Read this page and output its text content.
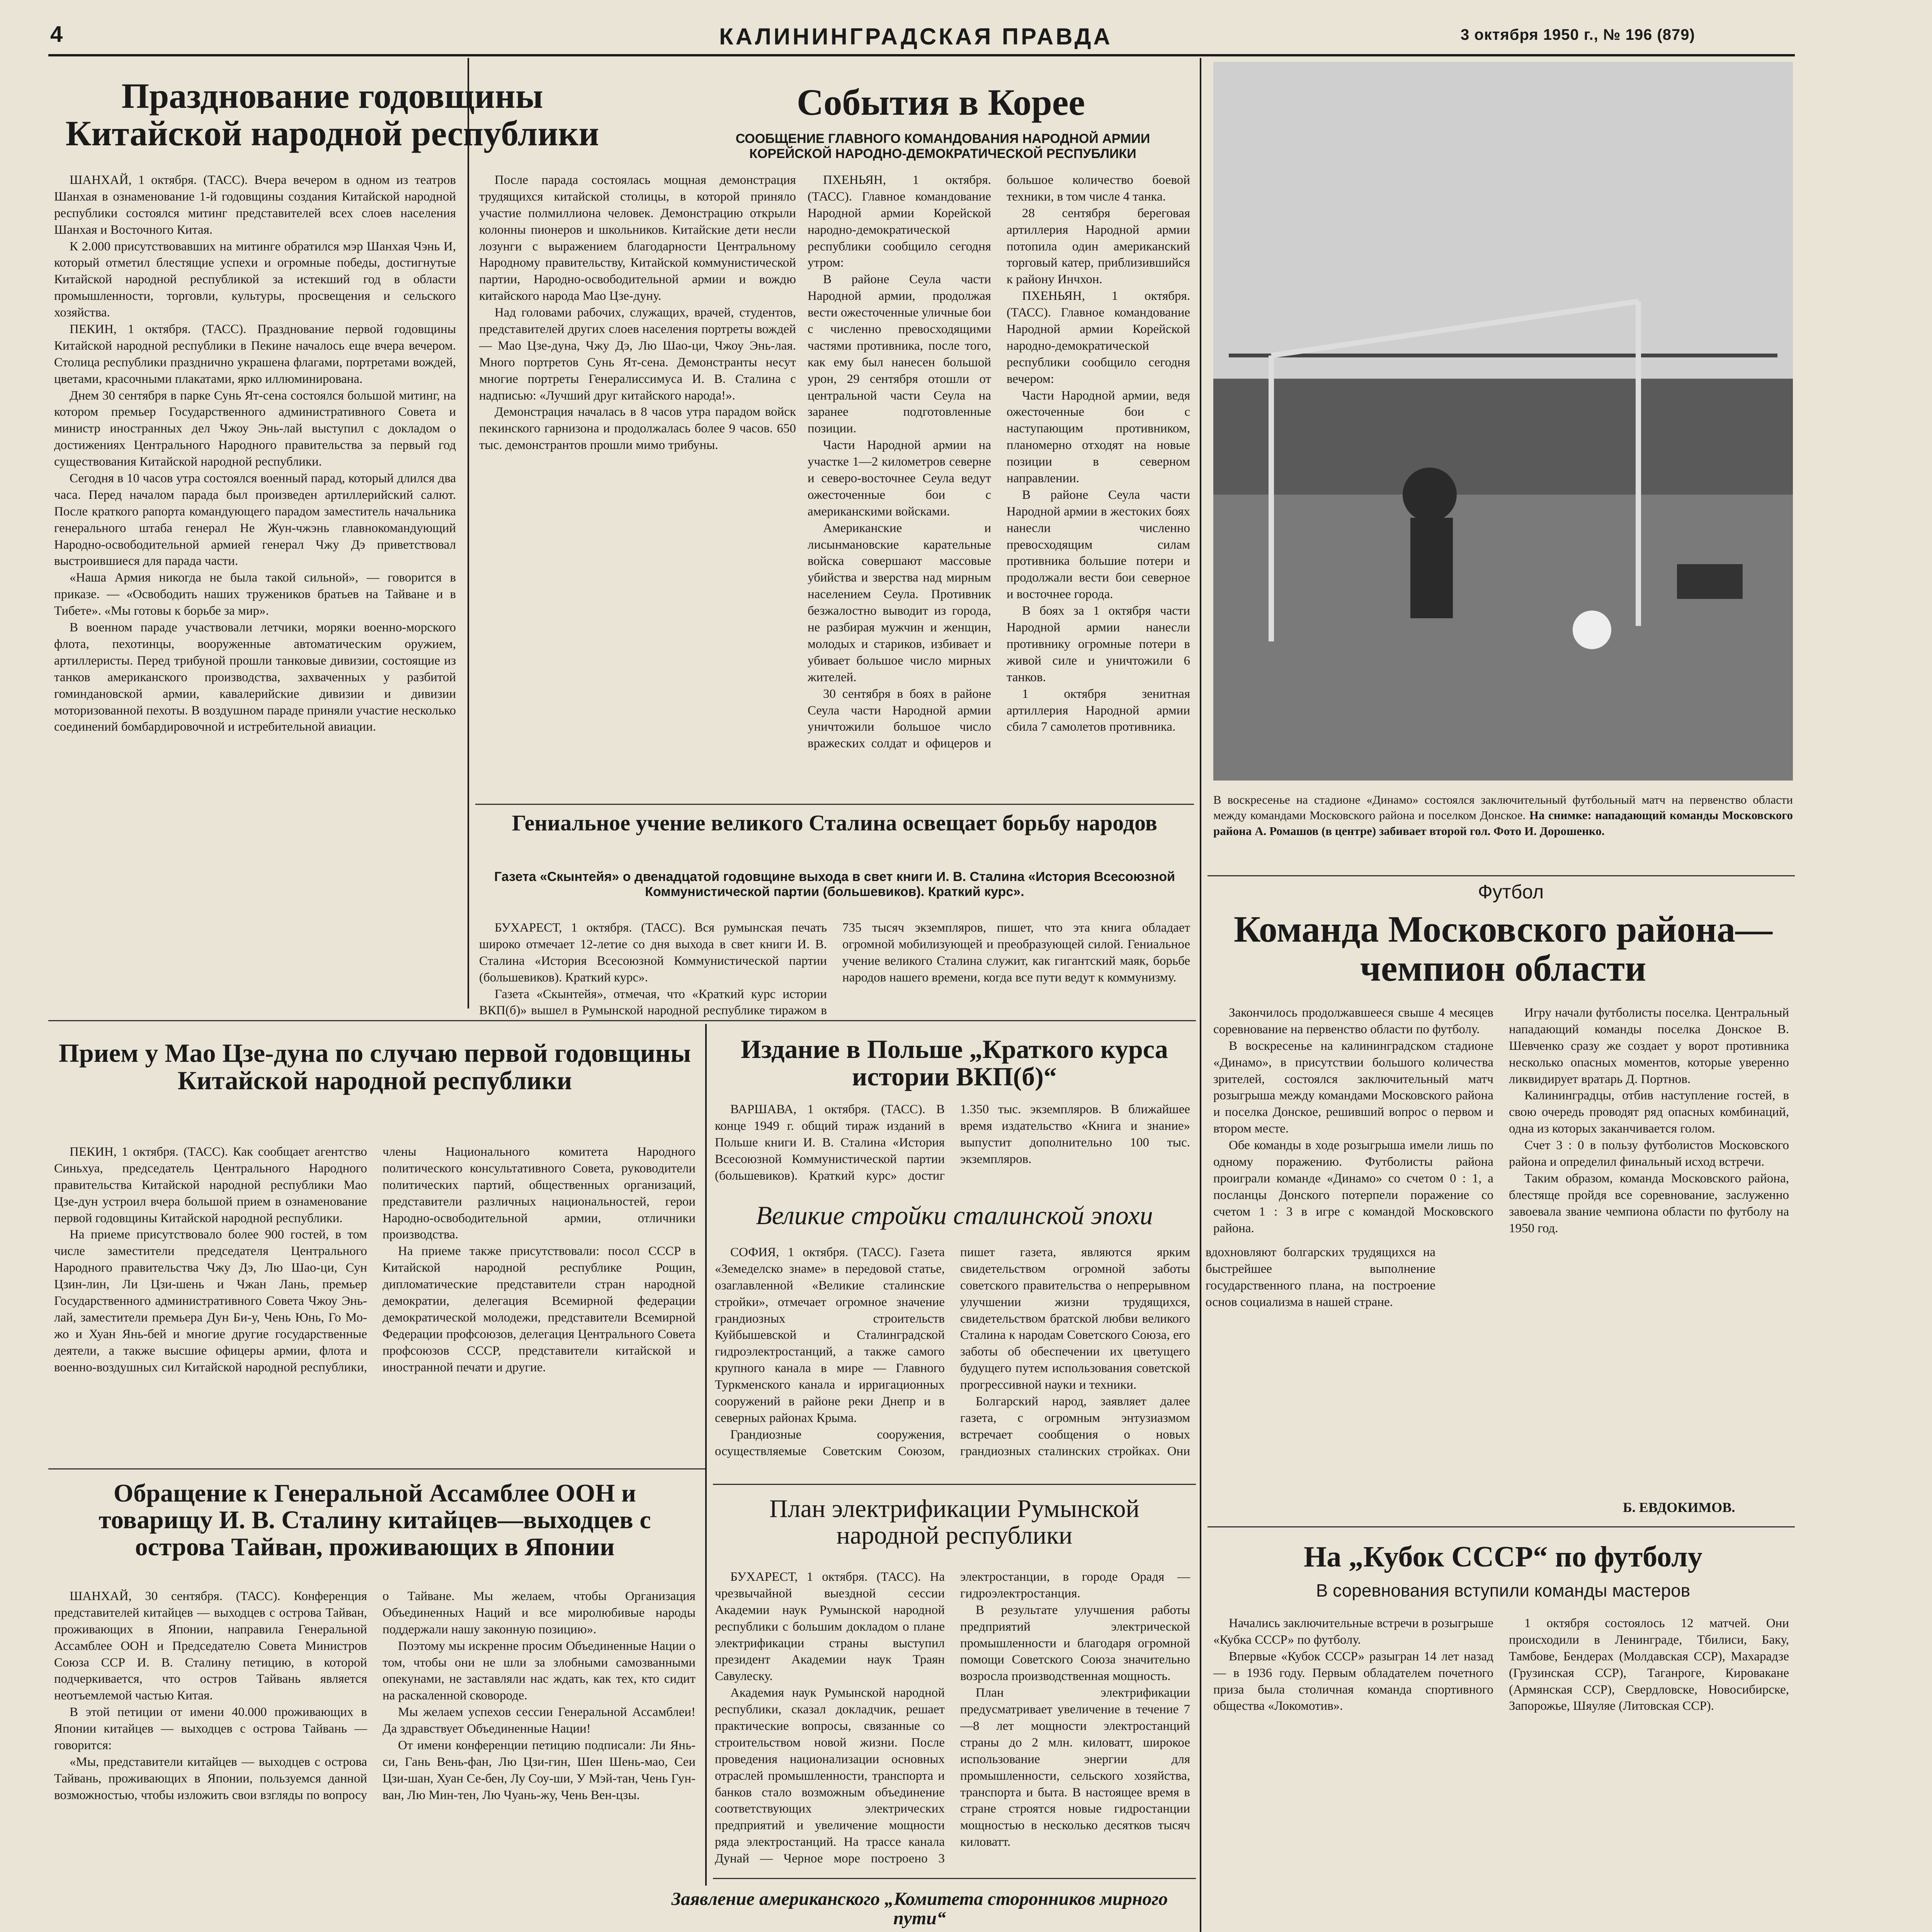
4	КАЛИНИНГРАДСКАЯ ПРАВДА	3 октября 1950 г., № 196 (879)
Празднование годовщины Китайской народной республики

ШАНХАЙ, 1 октября. (ТАСС). Вчера вечером в одном из театров Шанхая в ознаменование 1-й годовщины создания Китайской народной республики состоялся митинг представителей всех слоев населения Шанхая и Восточного Китая.

К 2.000 присутствовавших на митинге обратился мэр Шанхая Чэнь И, который отметил блестящие успехи и огромные победы, достигнутые Китайской народной республикой за истекший год в области промышленности, торговли, культуры, просвещения и сельского хозяйства.

ПЕКИН, 1 октября. (ТАСС). Празднование первой годовщины Китайской народной республики в Пекине началось еще вчера вечером. Столица республики празднично украшена флагами, портретами вождей, цветами, красочными плакатами, ярко иллюминирована.

Днем 30 сентября в парке Сунь Ят-сена состоялся большой митинг, на котором премьер Государственного административного Совета и министр иностранных дел Чжоу Энь-лай выступил с докладом о достижениях Центрального Народного правительства за первый год существования Китайской народной республики.

Сегодня в 10 часов утра состоялся военный парад, который длился два часа. Перед началом парада был произведен артиллерийский салют. После краткого рапорта командующего парадом заместитель начальника генерального штаба генерал Не Жун-чжэнь главнокомандующий Народно-освободительной армией генерал Чжу Дэ приветствовал выстроившиеся для парада части.

«Наша Армия никогда не была такой сильной», — говорится в приказе. — «Освободить наших тружеников братьев на Тайване и в Тибете». «Мы готовы к борьбе за мир».

В военном параде участвовали летчики, моряки военно-морского флота, пехотинцы, вооруженные автоматическим оружием, артиллеристы. Перед трибуной прошли танковые дивизии, состоящие из танков американского производства, захваченных у разбитой гоминдановской армии, кавалерийские дивизии и дивизии моторизованной пехоты. В воздушном параде приняли участие несколько соединений бомбардировочной и истребительной авиации.

После парада состоялась мощная демонстрация трудящихся китайской столицы, в которой приняло участие полмиллиона человек. Демонстрацию открыли колонны пионеров и школьников. Китайские дети несли лозунги с выражением благодарности Центральному Народному правительству, Китайской коммунистической партии, Народно-освободительной армии и вождю китайского народа Мао Цзе-дуну.

Над головами рабочих, служащих, врачей, студентов, представителей других слоев населения портреты вождей — Мао Цзе-дуна, Чжу Дэ, Лю Шао-ци, Чжоу Энь-лая. Много портретов Сунь Ят-сена. Демонстранты несут многие портреты Генералиссимуса И. В. Сталина с надписью: «Лучший друг китайского народа!».

Демонстрация началась в 8 часов утра парадом войск пекинского гарнизона и продолжалась более 9 часов. 650 тыс. демонстрантов прошли мимо трибуны.

События в Корее
СООБЩЕНИЕ ГЛАВНОГО КОМАНДОВАНИЯ НАРОДНОЙ АРМИИ КОРЕЙСКОЙ НАРОДНО-ДЕМОКРАТИЧЕСКОЙ РЕСПУБЛИКИ

ПХЕНЬЯН, 1 октября. (ТАСС). Главное командование Народной армии Корейской народно-демократической республики сообщило сегодня утром:

В районе Сеула части Народной армии, продолжая вести ожесточенные уличные бои с численно превосходящими частями противника, после того, как ему был нанесен большой урон, 29 сентября отошли от центральной части Сеула на заранее подготовленные позиции.

Части Народной армии на участке 1—2 километров северне и северо-восточнее Сеула ведут ожесточенные бои с американскими войсками.

Американские и лисынмановские карательные войска совершают массовые убийства и зверства над мирным населением Сеула. Противник безжалостно выводит из города, не разбирая мужчин и женщин, молодых и стариков, избивает и убивает большое число мирных жителей.

30 сентября в боях в районе Сеула части Народной армии уничтожили большое число вражеских солдат и офицеров и большое количество боевой техники, в том числе 4 танка.

28 сентября береговая артиллерия Народной армии потопила один американский торговый катер, приблизившийся к району Инчхон.

ПХЕНЬЯН, 1 октября. (ТАСС). Главное командование Народной армии Корейской народно-демократической республики сообщило сегодня вечером:

Части Народной армии, ведя ожесточенные бои с наступающим противником, планомерно отходят на новые позиции в северном направлении.

В районе Сеула части Народной армии в жестоких боях нанесли численно превосходящим силам противника большие потери и продолжали вести бои северное и восточнее города.

В боях за 1 октября части Народной армии нанесли противнику огромные потери в живой силе и уничтожили 6 танков.

1 октября зенитная артиллерия Народной армии сбила 7 самолетов противника.

В воскресенье на стадионе «Динамо» состоялся заключительный футбольный матч на первенство области между командами Московского района и поселком Донское. На снимке: нападающий команды Московского района А. Ромашов (в центре) забивает второй гол. Фото И. Дорошенко.
Футбол
Команда Московского района— чемпион области

Закончилось продолжавшееся свыше 4 месяцев соревнование на первенство области по футболу.

В воскресенье на калининградском стадионе «Динамо», в присутствии большого количества зрителей, состоялся заключительный матч розыгрыша между командами Московского района и поселка Донское, решивший вопрос о первом и втором месте.

Обе команды в ходе розыгрыша имели лишь по одному поражению. Футболисты района проиграли команде «Динамо» со счетом 0 : 1, а посланцы Донского потерпели поражение со счетом 1 : 3 в игре с командой Московского района.

Игру начали футболисты поселка. Центральный нападающий команды поселка Донское В. Шевченко сразу же создает у ворот противника несколько опасных моментов, которые уверенно ликвидирует вратарь Д. Портнов.

Калининградцы, отбив наступление гостей, в свою очередь проводят ряд опасных комбинаций, одна из которых заканчивается голом.

Счет 3 : 0 в пользу футболистов Московского района и определил финальный исход встречи.

Таким образом, команда Московского района, блестяще пройдя все соревнование, заслуженно завоевала звание чемпиона области по футболу на 1950 год.

Б. ЕВДОКИМОВ.
На „Кубок СССР“ по футболу
В соревнования вступили команды мастеров

Начались заключительные встречи в розыгрыше «Кубка СССР» по футболу.

Впервые «Кубок СССР» разыгран 14 лет назад — в 1936 году. Первым обладателем почетного приза была столичная команда спортивного общества «Локомотив».

1 октября состоялось 12 матчей. Они происходили в Ленинграде, Тбилиси, Баку, Тамбове, Бендерах (Молдавская ССР), Махарадзе (Грузинская ССР), Таганроге, Кировакане (Армянская ССР), Свердловске, Новосибирске, Запорожье, Шяуляе (Литовская ССР).

Гениальное учение великого Сталина освещает борьбу народов
Газета «Скынтейя» о двенадцатой годовщине выхода в свет книги И. В. Сталина «История Всесоюзной Коммунистической партии (большевиков). Краткий курс».

БУХАРЕСТ, 1 октября. (ТАСС). Вся румынская печать широко отмечает 12-летие со дня выхода в свет книги И. В. Сталина «История Всесоюзной Коммунистической партии (большевиков). Краткий курс».

Газета «Скынтейя», отмечая, что «Краткий курс истории ВКП(б)» вышел в Румынской народной республике тиражом в 735 тысяч экземпляров, пишет, что эта книга обладает огромной мобилизующей и преобразующей силой. Гениальное учение великого Сталина служит, как гигантский маяк, борьбе народов нашего времени, когда все пути ведут к коммунизму.

Прием у Мао Цзе-дуна по случаю первой годовщины Китайской народной республики

ПЕКИН, 1 октября. (ТАСС). Как сообщает агентство Синьхуа, председатель Центрального Народного правительства Китайской народной республики Мао Цзе-дун устроил вчера большой прием в ознаменование первой годовщины Китайской народной республики.

На приеме присутствовало более 900 гостей, в том числе заместители председателя Центрального Народного правительства Чжу Дэ, Лю Шао-ци, Сун Цзин-лин, Ли Цзи-шень и Чжан Лань, премьер Государственного административного Совета Чжоу Энь-лай, заместители премьера Дун Би-у, Чень Юнь, Го Мо-жо и Хуан Янь-бей и многие другие государственные деятели, а также высшие офицеры армии, флота и военно-воздушных сил Китайской народной республики, члены Национального комитета Народного политического консультативного Совета, руководители политических партий, общественных организаций, представители различных национальностей, герои Народно-освободительной армии, отличники производства.

На приеме также присутствовали: посол СССР в Китайской народной республике Рощин, дипломатические представители стран народной демократии, делегация Всемирной федерации демократической молодежи, представители Всемирной Федерации профсоюзов, делегация Центрального Совета профсоюзов СССР, представители китайской и иностранной печати и другие.

Обращение к Генеральной Ассамблее ООН и товарищу И. В. Сталину китайцев—выходцев с острова Тайван, проживающих в Японии

ШАНХАЙ, 30 сентября. (ТАСС). Конференция представителей китайцев — выходцев с острова Тайван, проживающих в Японии, направила Генеральной Ассамблее ООН и Председателю Совета Министров Союза ССР И. В. Сталину петицию, в которой подчеркивается, что остров Тайвань является неотъемлемой частью Китая.

В этой петиции от имени 40.000 проживающих в Японии китайцев — выходцев с острова Тайвань — говорится:

«Мы, представители китайцев — выходцев с острова Тайвань, проживающих в Японии, пользуемся данной возможностью, чтобы изложить свои взгляды по вопросу о Тайване. Мы желаем, чтобы Организация Объединенных Наций и все миролюбивые народы поддержали нашу законную позицию».

Поэтому мы искренне просим Объединенные Нации о том, чтобы они не шли за злобными самозванными опекунами, не заставляли нас ждать, как тех, кто сидит на раскаленной сковороде.

Мы желаем успехов сессии Генеральной Ассамблеи! Да здравствует Объединенные Нации!

От имени конференции петицию подписали: Ли Янь-си, Гань Вень-фан, Лю Цзи-гин, Шен Шень-мао, Сеи Цзи-шан, Хуан Се-бен, Лу Соу-ши, У Мэй-тан, Чень Гун-ван, Лю Мин-тен, Лю Чуань-жу, Чень Вен-цзы.

Издание в Польше „Краткого курса истории ВКП(б)“

ВАРШАВА, 1 октября. (ТАСС). В конце 1949 г. общий тираж изданий в Польше книги И. В. Сталина «История Всесоюзной Коммунистической партии (большевиков). Краткий курс» достиг 1.350 тыс. экземпляров. В ближайшее время издательство «Книга и знание» выпустит дополнительно 100 тыс. экземпляров.

Великие стройки сталинской эпохи

СОФИЯ, 1 октября. (ТАСС). Газета «Земеделско знаме» в передовой статье, озаглавленной «Великие сталинские стройки», отмечает огромное значение грандиозных строительств Куйбышевской и Сталинградской гидроэлектростанций, а также самого крупного канала в мире — Главного Туркменского канала и ирригационных сооружений в районе реки Днепр и в северных районах Крыма.

Грандиозные сооружения, осуществляемые Советским Союзом, пишет газета, являются ярким свидетельством огромной заботы советского правительства о непрерывном улучшении жизни трудящихся, свидетельством братской любви великого Сталина к народам Советского Союза, его заботы об обеспечении их цветущего будущего путем использования советской прогрессивной науки и техники.

Болгарский народ, заявляет далее газета, с огромным энтузиазмом встречает сообщения о новых грандиозных сталинских стройках. Они вдохновляют болгарских трудящихся на быстрейшее выполнение государственного плана, на построение основ социализма в нашей стране.

План электрификации Румынской народной республики

БУХАРЕСТ, 1 октября. (ТАСС). На чрезвычайной выездной сессии Академии наук Румынской народной республики с большим докладом о плане электрификации страны выступил президент Академии наук Траян Савулеску.

Академия наук Румынской народной республики, сказал докладчик, решает практические вопросы, связанные со строительством новой жизни. После проведения национализации основных отраслей промышленности, транспорта и банков стало возможным объединение соответствующих электрических предприятий и увеличение мощности ряда электростанций. На трассе канала Дунай — Черное море построено 3 электростанции, в городе Орадя — гидроэлектростанция.

В результате улучшения работы предприятий электрической промышленности и благодаря огромной помощи Советского Союза значительно возросла производственная мощность.

План электрификации предусматривает увеличение в течение 7—8 лет мощности электростанций страны до 2 млн. киловатт, широкое использование энергии для промышленности, сельского хозяйства, транспорта и быта. В настоящее время в стране строятся новые гидростанции мощностью в несколько десятков тысяч киловатт.

Заявление американского „Комитета сторонников мирного пути“
